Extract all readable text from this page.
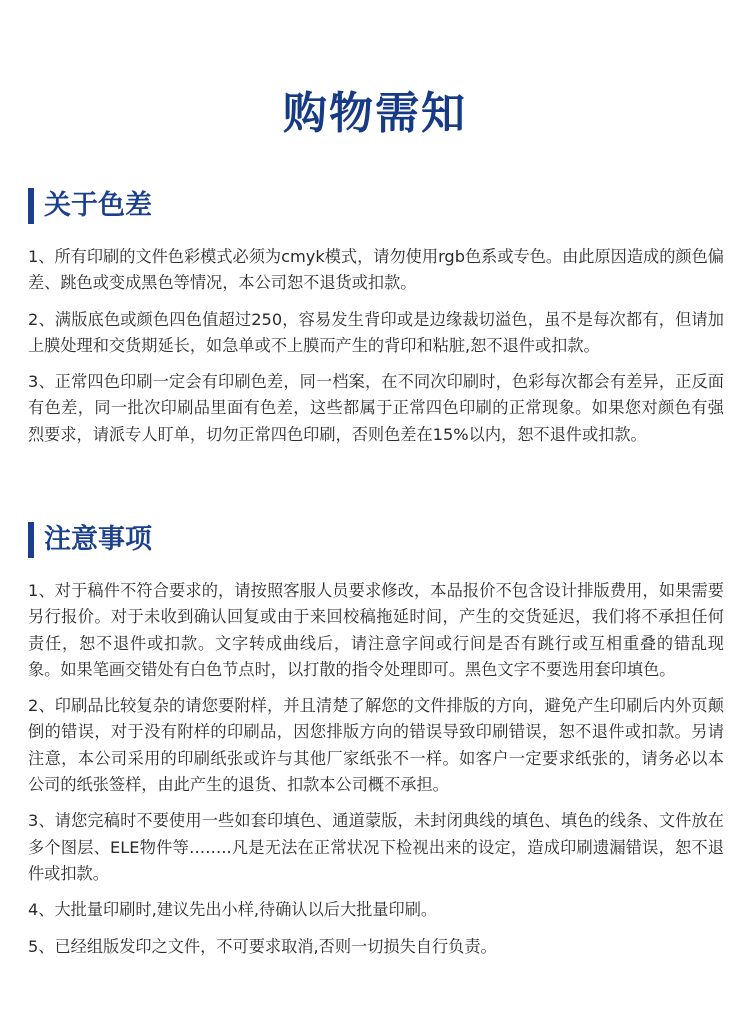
购物需知
关于色差

1、所有印刷的文件色彩模式必须为cmyk模式，请勿使用rgb色系或专色。由此原因造成的颜色偏差、跳色或变成黑色等情况，本公司恕不退货或扣款。

2、满版底色或颜色四色值超过250，容易发生背印或是边缘裁切溢色，虽不是每次都有，但请加上膜处理和交货期延长，如急单或不上膜而产生的背印和粘脏,恕不退件或扣款。

3、正常四色印刷一定会有印刷色差，同一档案，在不同次印刷时，色彩每次都会有差异，正反面有色差，同一批次印刷品里面有色差，这些都属于正常四色印刷的正常现象。如果您对颜色有强烈要求，请派专人盯单，切勿正常四色印刷，否则色差在15%以内，恕不退件或扣款。

注意事项

1、对于稿件不符合要求的，请按照客服人员要求修改，本品报价不包含设计排版费用，如果需要另行报价。对于未收到确认回复或由于来回校稿拖延时间，产生的交货延迟，我们将不承担任何责任，恕不退件或扣款。文字转成曲线后，请注意字间或行间是否有跳行或互相重叠的错乱现象。如果笔画交错处有白色节点时，以打散的指令处理即可。黑色文字不要选用套印填色。

2、印刷品比较复杂的请您要附样，并且清楚了解您的文件排版的方向，避免产生印刷后内外页颠倒的错误，对于没有附样的印刷品，因您排版方向的错误导致印刷错误，恕不退件或扣款。另请注意，本公司采用的印刷纸张或许与其他厂家纸张不一样。如客户一定要求纸张的，请务必以本公司的纸张签样，由此产生的退货、扣款本公司概不承担。

3、请您完稿时不要使用一些如套印填色、通道蒙版，未封闭典线的填色、填色的线条、文件放在多个图层、ELE物件等……..凡是无法在正常状况下检视出来的设定，造成印刷遗漏错误，恕不退件或扣款。

4、大批量印刷时,建议先出小样,待确认以后大批量印刷。

5、已经组版发印之文件，不可要求取消,否则一切损失自行负责。
